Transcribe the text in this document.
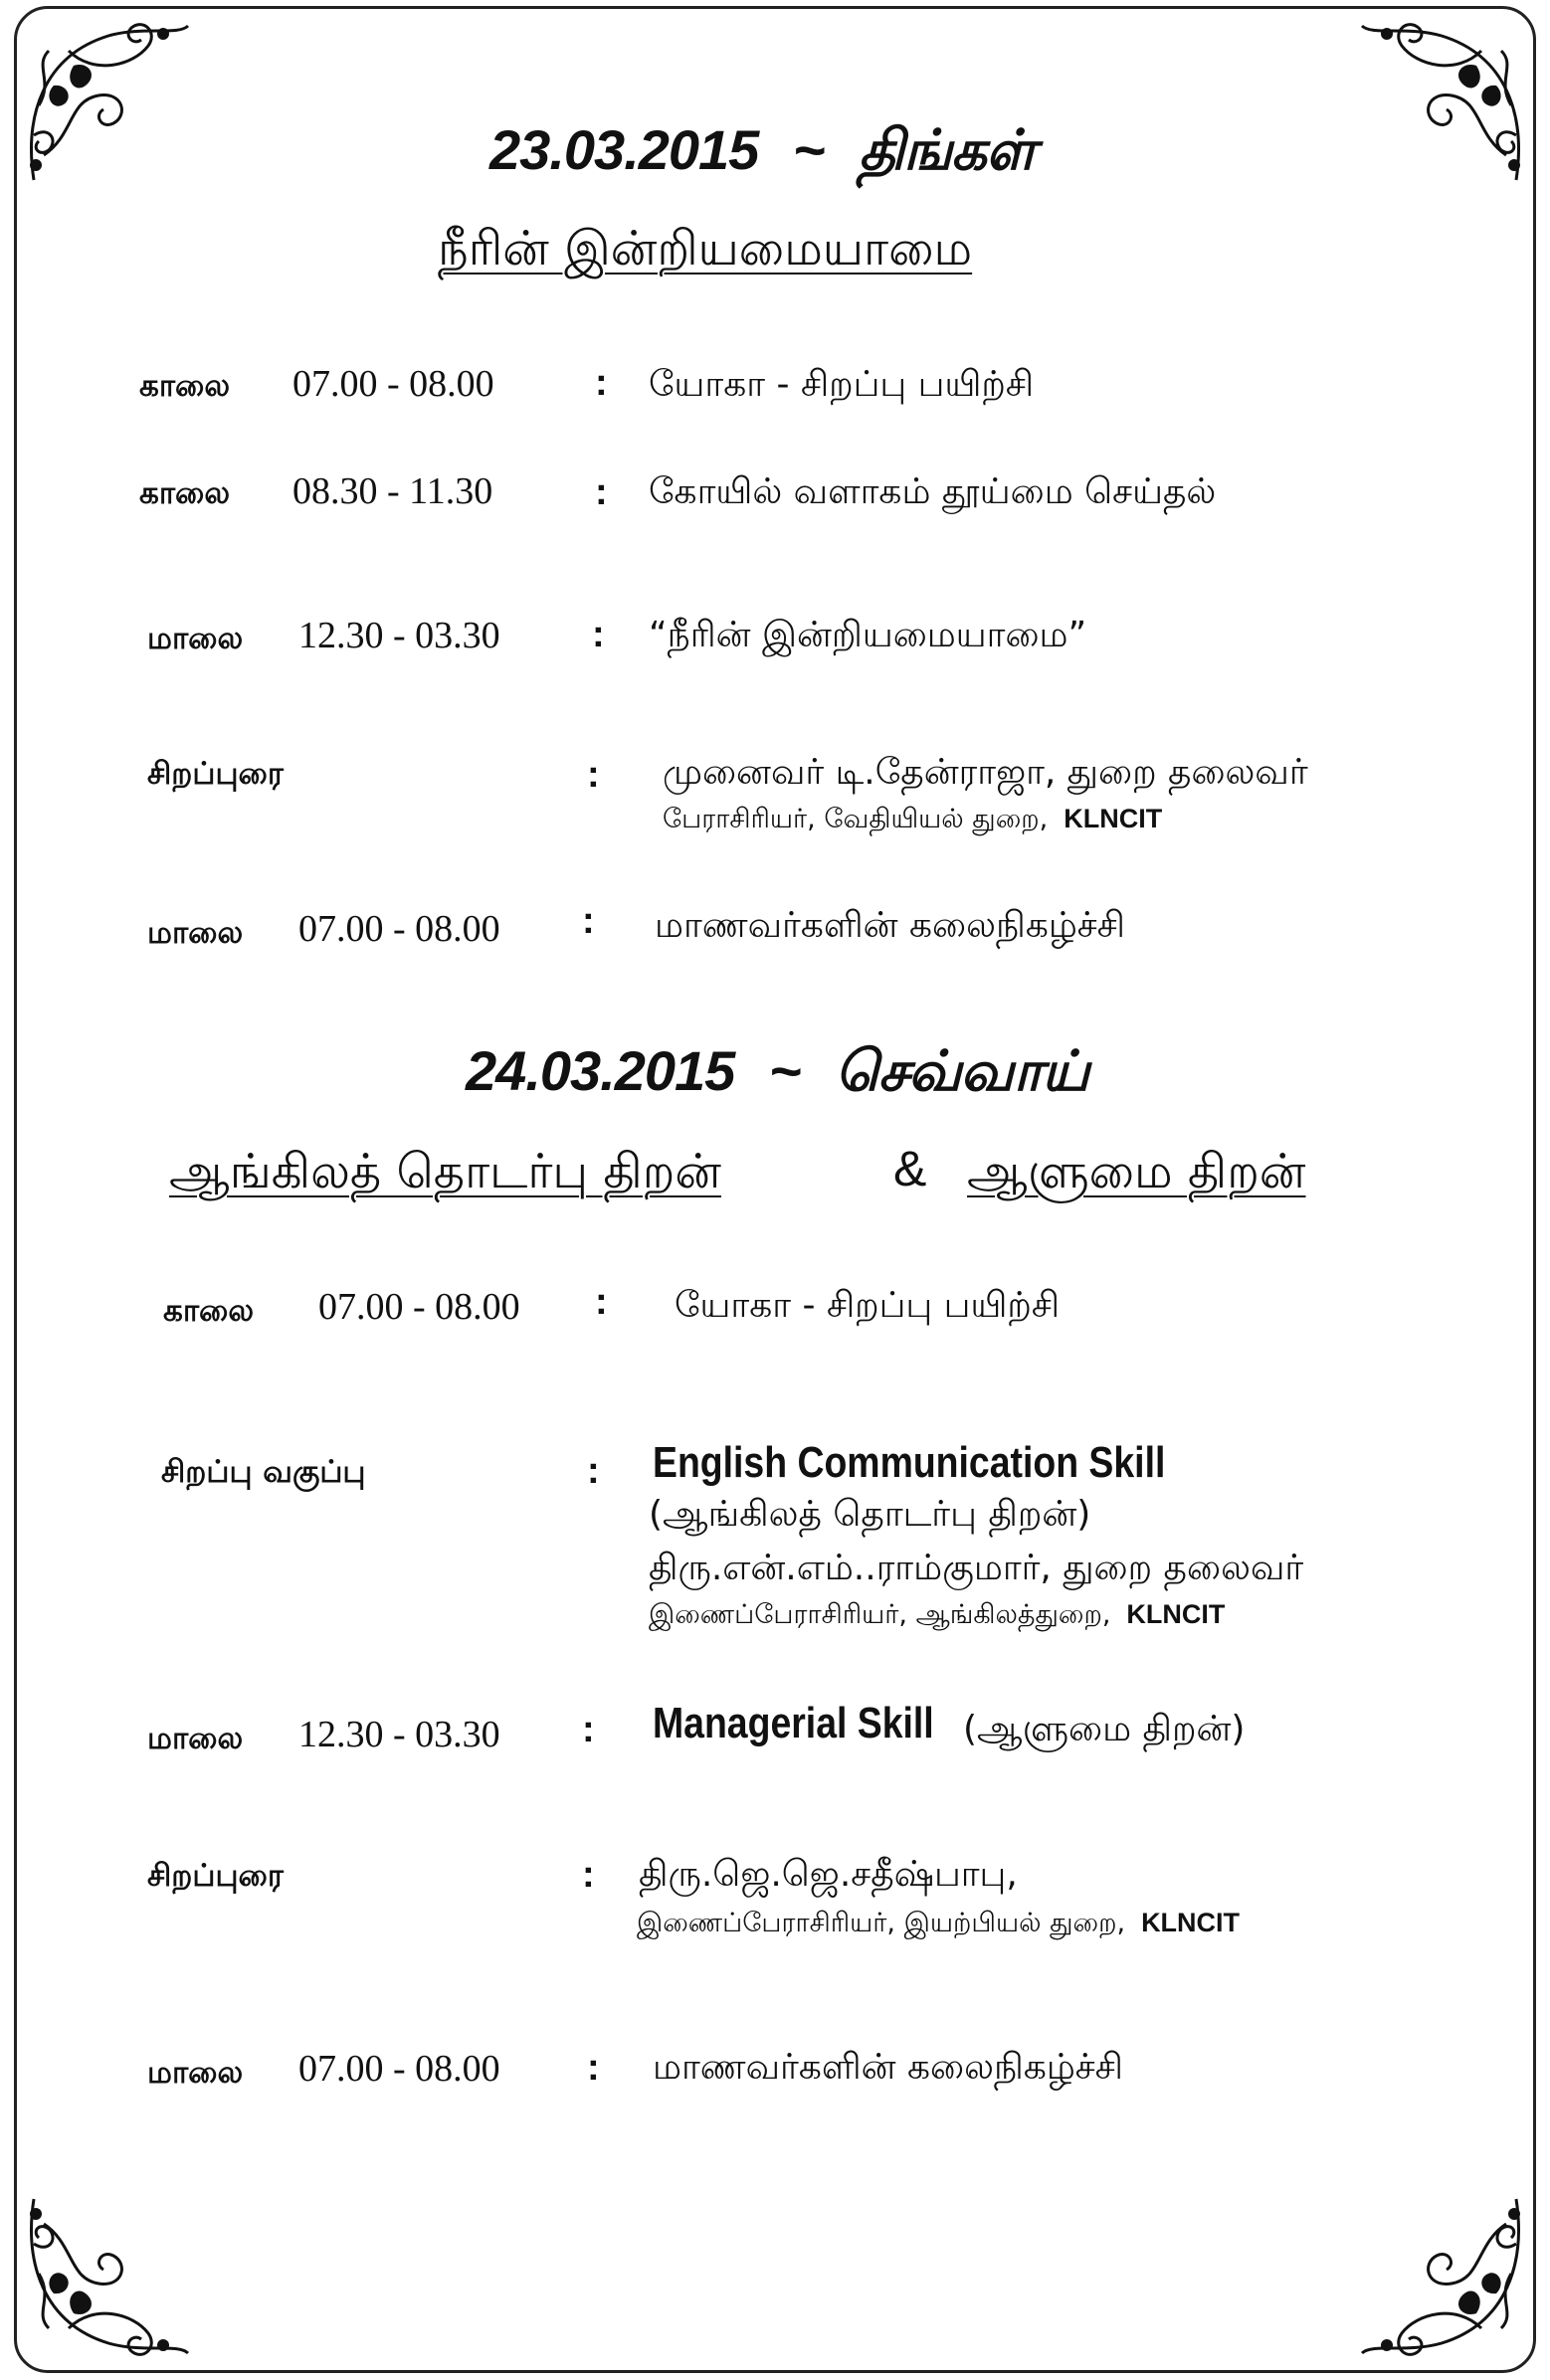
23.03.2015 ~ திங்கள்
நீரின் இன்றியமையாமை
காலை 07.00 - 08.00	: யோகா - சிறப்பு பயிற்சி
காலை 08.30 - 11.30	: கோயில் வளாகம் தூய்மை செய்தல்
மாலை 12.30 - 03.30 : “நீரின் இன்றியமையாமை”
சிறப்புரை	: முனைவர் டி.தேன்ராஜா, துறை தலைவர்
பேராசிரியர், வேதியியல் துறை, KLNCIT
மாலை 07.00 - 08.00 : மாணவர்களின் கலைநிகழ்ச்சி
24.03.2015 ~ செவ்வாய்
ஆங்கிலத் தொடர்பு திறன்	& ஆளுமை திறன்
காலை 07.00 - 08.00 : யோகா - சிறப்பு பயிற்சி
சிறப்பு வகுப்பு	: English Communication Skill
(ஆங்கிலத் தொடர்பு திறன்)
திரு.என்.எம்..ராம்குமார், துறை தலைவர்
இணைப்பேராசிரியர், ஆங்கிலத்துறை, KLNCIT
மாலை 12.30 - 03.30 : Managerial Skill (ஆளுமை திறன்)
சிறப்புரை	: திரு.ஜெ.ஜெ.சதீஷ்பாபு,
இணைப்பேராசிரியர், இயற்பியல் துறை, KLNCIT
மாலை 07.00 - 08.00 : மாணவர்களின் கலைநிகழ்ச்சி
